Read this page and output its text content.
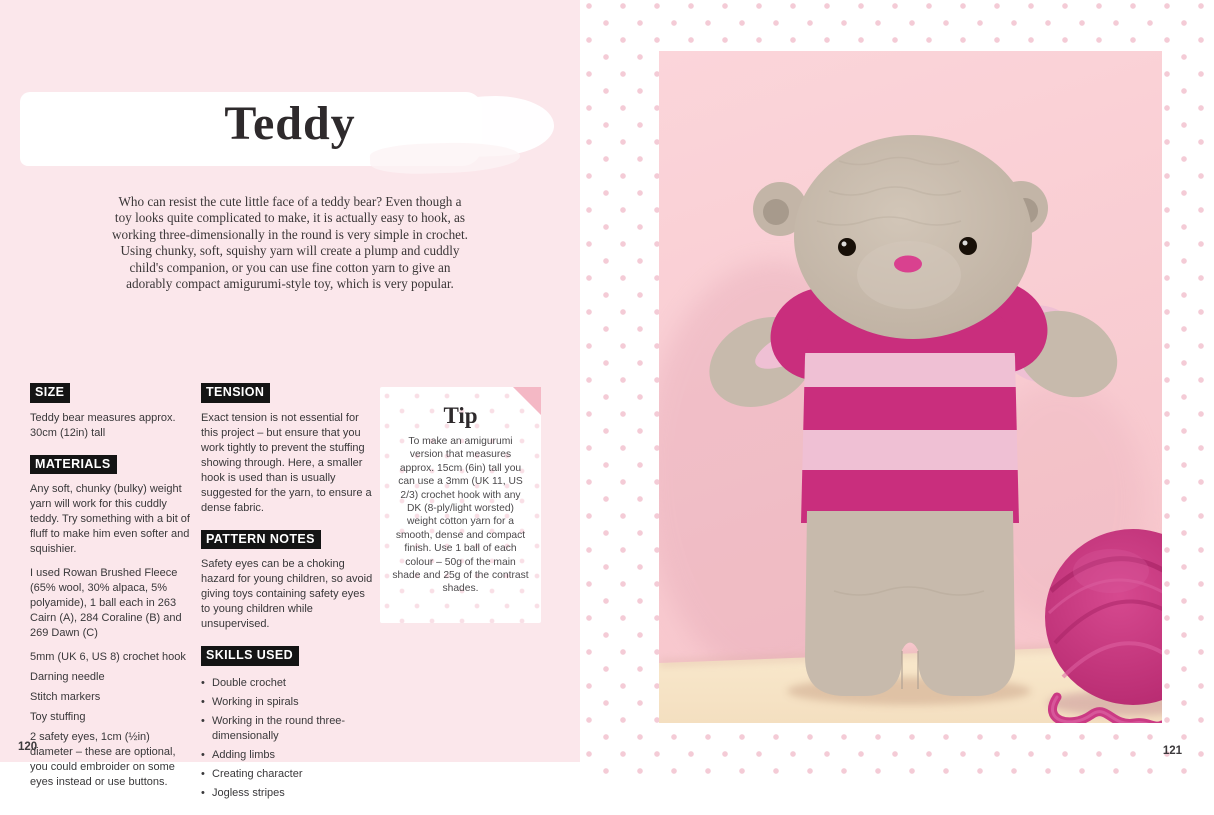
Teddy
Who can resist the cute little face of a teddy bear? Even though a toy looks quite complicated to make, it is actually easy to hook, as working three-dimensionally in the round is very simple in crochet. Using chunky, soft, squishy yarn will create a plump and cuddly child's companion, or you can use fine cotton yarn to give an adorably compact amigurumi-style toy, which is very popular.
SIZE

Teddy bear measures approx. 30cm (12in) tall

MATERIALS

Any soft, chunky (bulky) weight yarn will work for this cuddly teddy. Try something with a bit of fluff to make him even softer and squishier.

I used Rowan Brushed Fleece (65% wool, 30% alpaca, 5% polyamide), 1 ball each in 263 Cairn (A), 284 Coraline (B) and 269 Dawn (C)

5mm (UK 6, US 8) crochet hook

Darning needle

Stitch markers

Toy stuffing

2 safety eyes, 1cm (½in) diameter – these are optional, you could embroider on some eyes instead or use buttons.

TENSION

Exact tension is not essential for this project – but ensure that you work tightly to prevent the stuffing showing through. Here, a smaller hook is used than is usually suggested for the yarn, to ensure a dense fabric.

PATTERN NOTES

Safety eyes can be a choking hazard for young children, so avoid giving toys containing safety eyes to young children while unsupervised.

SKILLS USED
• Double crochet
• Working in spirals
• Working in the round three-dimensionally
• Adding limbs
• Creating character
• Jogless stripes
Tip
To make an amigurumi version that measures approx. 15cm (6in) tall you can use a 3mm (UK 11, US 2/3) crochet hook with any DK (8-ply/light worsted) weight cotton yarn for a smooth, dense and compact finish. Use 1 ball of each colour – 50g of the main shade and 25g of the contrast shades.
120	121
